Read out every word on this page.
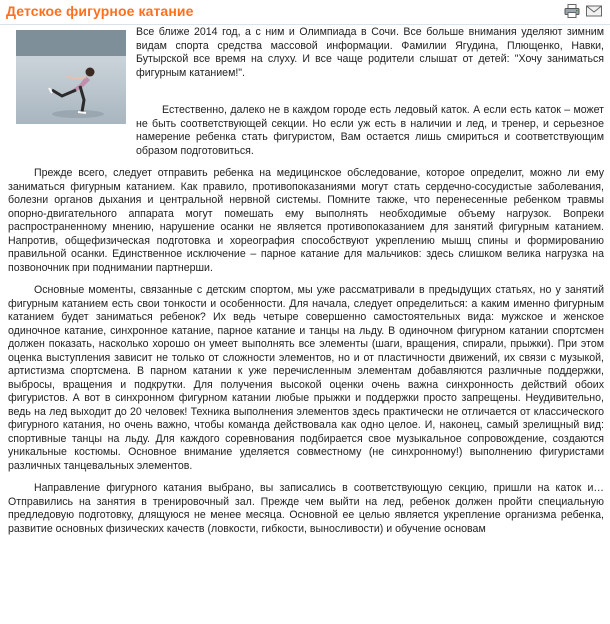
Детское фигурное катание

Все ближе 2014 год, а с ним и Олимпиада в Сочи. Все больше внимания уделяют зимним видам спорта средства массовой информации. Фамилии Ягудина, Плющенко, Навки, Бутырской все время на слуху. И все чаще родители слышат от детей: "Хочу заниматься фигурным катанием!".

Естественно, далеко не в каждом городе есть ледовый каток. А если есть каток – может не быть соответствующей секции. Но если уж есть в наличии и лед, и тренер, и серьезное намерение ребенка стать фигуристом, Вам остается лишь смириться и соответствующим образом подготовиться.

Прежде всего, следует отправить ребенка на медицинское обследование, которое определит, можно ли ему заниматься фигурным катанием. Как правило, противопоказаниями могут стать сердечно-сосудистые заболевания, болезни органов дыхания и центральной нервной системы. Помните также, что перенесенные ребенком травмы опорно-двигательного аппарата могут помешать ему выполнять необходимые объему нагрузок. Вопреки распространенному мнению, нарушение осанки не является противопоказанием для занятий фигурным катанием. Напротив, общефизическая подготовка и хореография способствуют укреплению мышц спины и формированию правильной осанки. Единственное исключение – парное катание для мальчиков: здесь слишком велика нагрузка на позвоночник при поднимании партнерши.

Основные моменты, связанные с детским спортом, мы уже рассматривали в предыдущих статьях, но у занятий фигурным катанием есть свои тонкости и особенности. Для начала, следует определиться: а каким именно фигурным катанием будет заниматься ребенок? Их ведь четыре совершенно самостоятельных вида: мужское и женское одиночное катание, синхронное катание, парное катание и танцы на льду. В одиночном фигурном катании спортсмен должен показать, насколько хорошо он умеет выполнять все элементы (шаги, вращения, спирали, прыжки). При этом оценка выступления зависит не только от сложности элементов, но и от пластичности движений, их связи с музыкой, артистизма спортсмена. В парном катании к уже перечисленным элементам добавляются различные поддержки, выбросы, вращения и подкрутки. Для получения высокой оценки очень важна синхронность действий обоих фигуристов. А вот в синхронном фигурном катании любые прыжки и поддержки просто запрещены. Неудивительно, ведь на лед выходит до 20 человек! Техника выполнения элементов здесь практически не отличается от классического фигурного катания, но очень важно, чтобы команда действовала как одно целое. И, наконец, самый зрелищный вид: спортивные танцы на льду. Для каждого соревнования подбирается свое музыкальное сопровождение, создаются уникальные костюмы. Основное внимание уделяется совместному (не синхронному!) выполнению фигуристами различных танцевальных элементов.

Направление фигурного катания выбрано, вы записались в соответствующую секцию, пришли на каток и… Отправились на занятия в тренировочный зал. Прежде чем выйти на лед, ребенок должен пройти специальную предледовую подготовку, длящуюся не менее месяца. Основной ее целью является укрепление организма ребенка, развитие основных физических качеств (ловкости, гибкости, выносливости) и обучение основам
